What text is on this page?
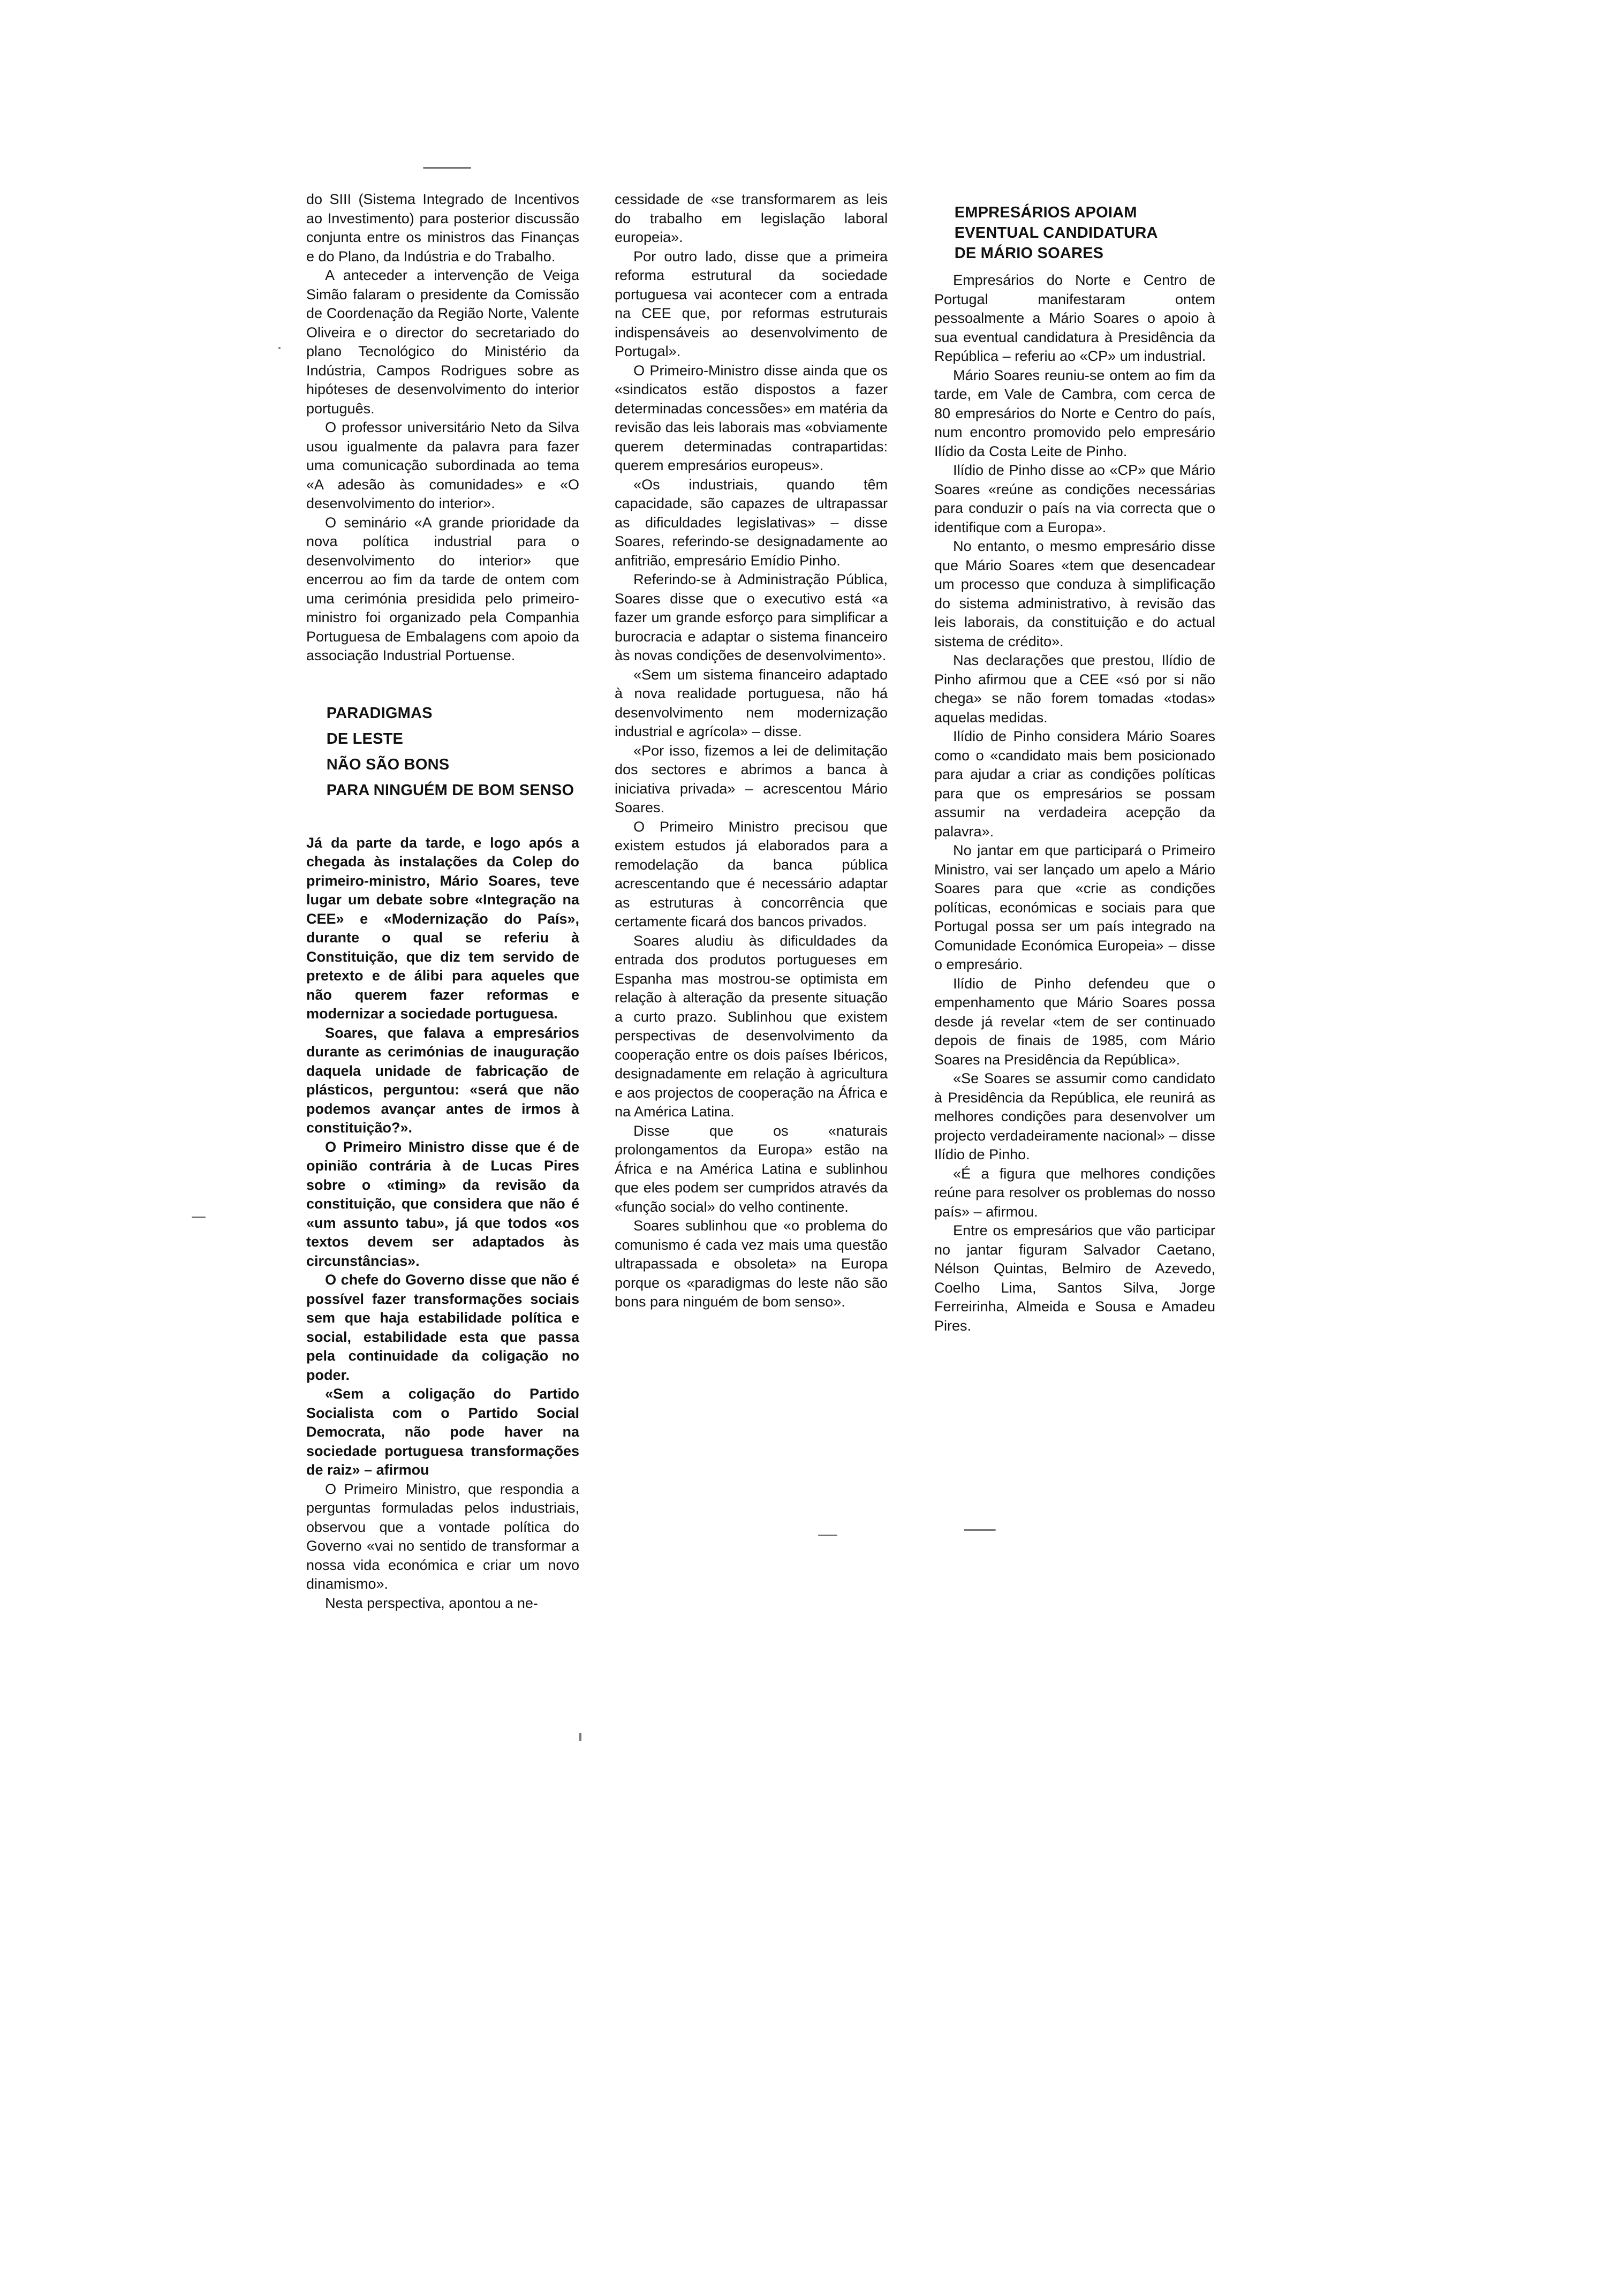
do SIII (Sistema Integrado de Incentivos ao Investimento) para posterior discussão conjunta entre os ministros das Finanças e do Plano, da Indústria e do Trabalho.

A anteceder a intervenção de Veiga Simão falaram o presidente da Comissão de Coordenação da Região Norte, Valente Oliveira e o director do secretariado do plano Tecnológico do Ministério da Indústria, Campos Rodrigues sobre as hipóteses de desenvolvimento do interior português.

O professor universitário Neto da Silva usou igualmente da palavra para fazer uma comunicação subordinada ao tema «A adesão às comunidades» e «O desenvolvimento do interior».

O seminário «A grande prioridade da nova política industrial para o desenvolvimento do interior» que encerrou ao fim da tarde de ontem com uma cerimónia presidida pelo primeiro-ministro foi organizado pela Companhia Portuguesa de Embalagens com apoio da associação Industrial Portuense.

PARADIGMAS

DE LESTE

NÃO SÃO BONS

PARA NINGUÉM DE BOM SENSO

Já da parte da tarde, e logo após a chegada às instalações da Colep do primeiro-ministro, Mário Soares, teve lugar um debate sobre «Integração na CEE» e «Modernização do País», durante o qual se referiu à Constituição, que diz tem servido de pretexto e de álibi para aqueles que não querem fazer reformas e modernizar a sociedade portuguesa.

Soares, que falava a empresários durante as cerimónias de inauguração daquela unidade de fabricação de plásticos, perguntou: «será que não podemos avançar antes de irmos à constituição?».

O Primeiro Ministro disse que é de opinião contrária à de Lucas Pires sobre o «timing» da revisão da constituição, que considera que não é «um assunto tabu», já que todos «os textos devem ser adaptados às circunstâncias».

O chefe do Governo disse que não é possível fazer transformações sociais sem que haja estabilidade política e social, estabilidade esta que passa pela continuidade da coligação no poder.

«Sem a coligação do Partido Socialista com o Partido Social Democrata, não pode haver na sociedade portuguesa transformações de raiz» – afirmou

O Primeiro Ministro, que respondia a perguntas formuladas pelos industriais, observou que a vontade política do Governo «vai no sentido de transformar a nossa vida económica e criar um novo dinamismo».

Nesta perspectiva, apontou a ne-

cessidade de «se transformarem as leis do trabalho em legislação laboral europeia».

Por outro lado, disse que a primeira reforma estrutural da sociedade portuguesa vai acontecer com a entrada na CEE que, por reformas estruturais indispensáveis ao desenvolvimento de Portugal».

O Primeiro-Ministro disse ainda que os «sindicatos estão dispostos a fazer determinadas concessões» em matéria da revisão das leis laborais mas «obviamente querem determinadas contrapartidas: querem empresários europeus».

«Os industriais, quando têm capacidade, são capazes de ultrapassar as dificuldades legislativas» – disse Soares, referindo-se designadamente ao anfitrião, empresário Emídio Pinho.

Referindo-se à Administração Pública, Soares disse que o executivo está «a fazer um grande esforço para simplificar a burocracia e adaptar o sistema financeiro às novas condições de desenvolvimento».

«Sem um sistema financeiro adaptado à nova realidade portuguesa, não há desenvolvimento nem modernização industrial e agrícola» – disse.

«Por isso, fizemos a lei de delimitação dos sectores e abrimos a banca à iniciativa privada» – acrescentou Mário Soares.

O Primeiro Ministro precisou que existem estudos já elaborados para a remodelação da banca pública acrescentando que é necessário adaptar as estruturas à concorrência que certamente ficará dos bancos privados.

Soares aludiu às dificuldades da entrada dos produtos portugueses em Espanha mas mostrou-se optimista em relação à alteração da presente situação a curto prazo. Sublinhou que existem perspectivas de desenvolvimento da cooperação entre os dois países Ibéricos, designadamente em relação à agricultura e aos projectos de cooperação na África e na América Latina.

Disse que os «naturais prolongamentos da Europa» estão na África e na América Latina e sublinhou que eles podem ser cumpridos através da «função social» do velho continente.

Soares sublinhou que «o problema do comunismo é cada vez mais uma questão ultrapassada e obsoleta» na Europa porque os «paradigmas do leste não são bons para ninguém de bom senso».

EMPRESÁRIOS APOIAM

EVENTUAL CANDIDATURA

DE MÁRIO SOARES

Empresários do Norte e Centro de Portugal manifestaram ontem pessoalmente a Mário Soares o apoio à sua eventual candidatura à Presidência da República – referiu ao «CP» um industrial.

Mário Soares reuniu-se ontem ao fim da tarde, em Vale de Cambra, com cerca de 80 empresários do Norte e Centro do país, num encontro promovido pelo empresário Ilídio da Costa Leite de Pinho.

Ilídio de Pinho disse ao «CP» que Mário Soares «reúne as condições necessárias para conduzir o país na via correcta que o identifique com a Europa».

No entanto, o mesmo empresário disse que Mário Soares «tem que desencadear um processo que conduza à simplificação do sistema administrativo, à revisão das leis laborais, da constituição e do actual sistema de crédito».

Nas declarações que prestou, Ilídio de Pinho afirmou que a CEE «só por si não chega» se não forem tomadas «todas» aquelas medidas.

Ilídio de Pinho considera Mário Soares como o «candidato mais bem posicionado para ajudar a criar as condições políticas para que os empresários se possam assumir na verdadeira acepção da palavra».

No jantar em que participará o Primeiro Ministro, vai ser lançado um apelo a Mário Soares para que «crie as condições políticas, económicas e sociais para que Portugal possa ser um país integrado na Comunidade Económica Europeia» – disse o empresário.

Ilídio de Pinho defendeu que o empenhamento que Mário Soares possa desde já revelar «tem de ser continuado depois de finais de 1985, com Mário Soares na Presidência da República».

«Se Soares se assumir como candidato à Presidência da República, ele reunirá as melhores condições para desenvolver um projecto verdadeiramente nacional» – disse Ilídio de Pinho.

«É a figura que melhores condições reúne para resolver os problemas do nosso país» – afirmou.

Entre os empresários que vão participar no jantar figuram Salvador Caetano, Nélson Quintas, Belmiro de Azevedo, Coelho Lima, Santos Silva, Jorge Ferreirinha, Almeida e Sousa e Amadeu Pires.
